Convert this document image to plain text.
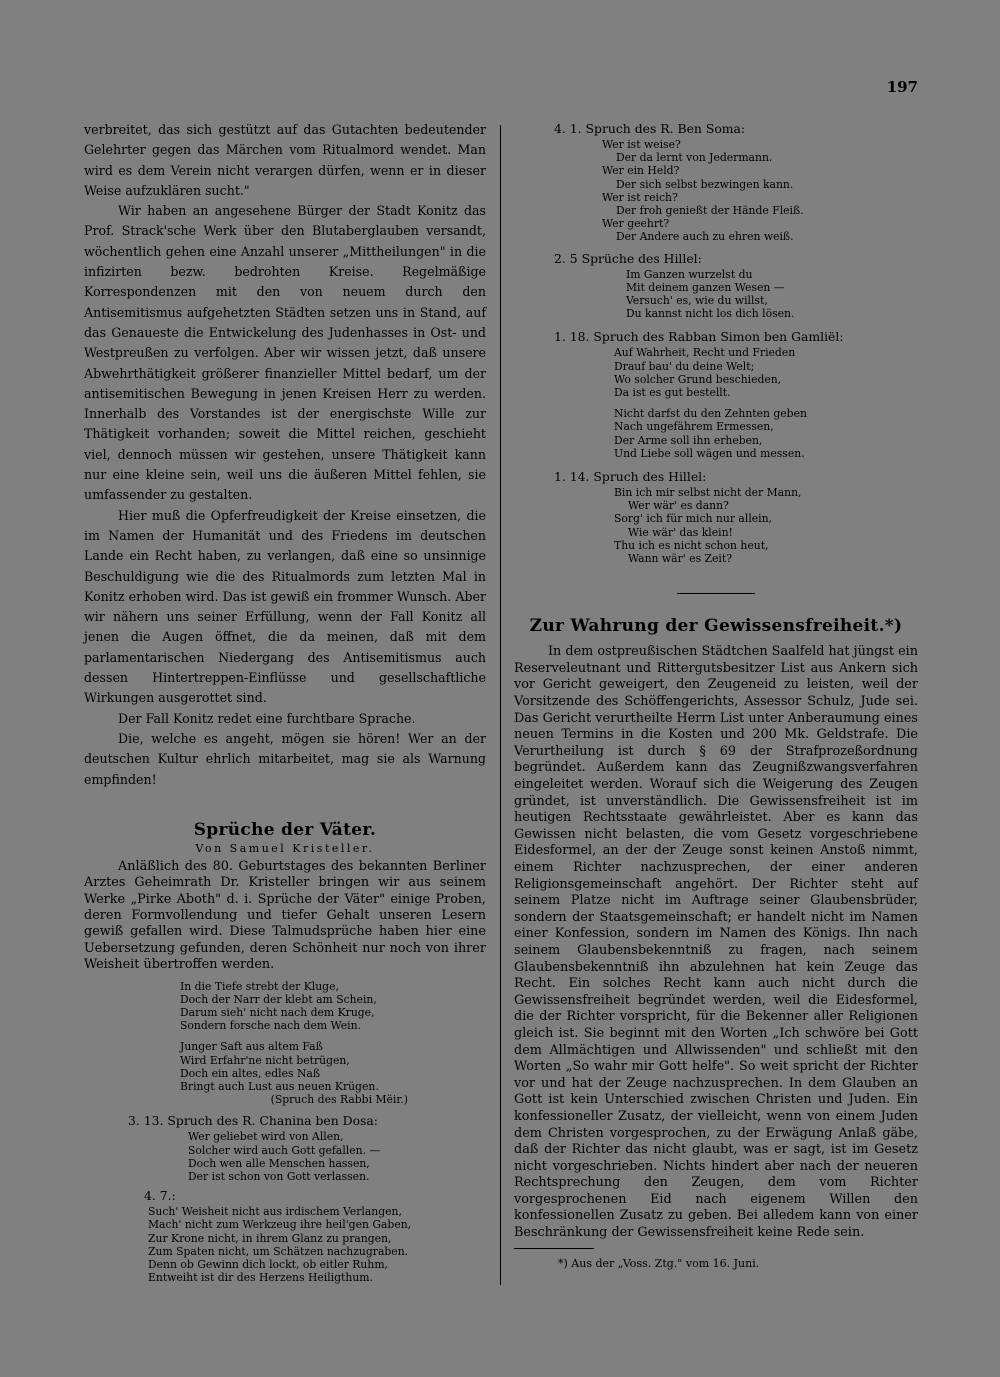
197

verbreitet, das sich gestützt auf das Gutachten bedeutender Gelehrter gegen das Märchen vom Ritualmord wendet. Man wird es dem Verein nicht verargen dürfen, wenn er in dieser Weise aufzuklären sucht."

Wir haben an angesehene Bürger der Stadt Konitz das Prof. Strack'sche Werk über den Blutaberglauben versandt, wöchentlich gehen eine Anzahl unserer „Mittheilungen" in die infizirten bezw. bedrohten Kreise. Regelmäßige Korrespondenzen mit den von neuem durch den Antisemitismus aufgehetzten Städten setzen uns in Stand, auf das Genaueste die Entwickelung des Judenhasses in Ost- und Westpreußen zu verfolgen. Aber wir wissen jetzt, daß unsere Abwehrthätigkeit größerer finanzieller Mittel bedarf, um der antisemitischen Bewegung in jenen Kreisen Herr zu werden. Innerhalb des Vorstandes ist der energischste Wille zur Thätigkeit vorhanden; soweit die Mittel reichen, geschieht viel, dennoch müssen wir gestehen, unsere Thätigkeit kann nur eine kleine sein, weil uns die äußeren Mittel fehlen, sie umfassender zu gestalten.

Hier muß die Opferfreudigkeit der Kreise einsetzen, die im Namen der Humanität und des Friedens im deutschen Lande ein Recht haben, zu verlangen, daß eine so unsinnige Beschuldigung wie die des Ritualmords zum letzten Mal in Konitz erhoben wird. Das ist gewiß ein frommer Wunsch. Aber wir nähern uns seiner Erfüllung, wenn der Fall Konitz all jenen die Augen öffnet, die da meinen, daß mit dem parlamentarischen Niedergang des Antisemitismus auch dessen Hintertreppen-Einflüsse und gesellschaftliche Wirkungen ausgerottet sind.

Der Fall Konitz redet eine furchtbare Sprache.

Die, welche es angeht, mögen sie hören! Wer an der deutschen Kultur ehrlich mitarbeitet, mag sie als Warnung empfinden!

Sprüche der Väter.
Von Samuel Kristeller.

Anläßlich des 80. Geburtstages des bekannten Berliner Arztes Geheimrath Dr. Kristeller bringen wir aus seinem Werke „Pirke Aboth" d. i. Sprüche der Väter" einige Proben, deren Formvollendung und tiefer Gehalt unseren Lesern gewiß gefallen wird. Diese Talmudsprüche haben hier eine Uebersetzung gefunden, deren Schönheit nur noch von ihrer Weisheit übertroffen werden.

In die Tiefe strebt der Kluge,
Doch der Narr der klebt am Schein,
Darum sieh' nicht nach dem Kruge,
Sondern forsche nach dem Wein.
Junger Saft aus altem Faß
Wird Erfahr'ne nicht betrügen,
Doch ein altes, edles Naß
Bringt auch Lust aus neuen Krügen.
(Spruch des Rabbi Mëir.)
3. 13. Spruch des R. Chanina ben Dosa:
Wer geliebet wird von Allen,
Solcher wird auch Gott gefallen. —
Doch wen alle Menschen hassen,
Der ist schon von Gott verlassen.
4. 7.:
Such' Weisheit nicht aus irdischem Verlangen,
Mach' nicht zum Werkzeug ihre heil'gen Gaben,
Zur Krone nicht, in ihrem Glanz zu prangen,
Zum Spaten nicht, um Schätzen nachzugraben.
Denn ob Gewinn dich lockt, ob eitler Ruhm,
Entweiht ist dir des Herzens Heiligthum.
4. 1. Spruch des R. Ben Soma:
Wer ist weise?
Der da lernt von Jedermann.
Wer ein Held?
Der sich selbst bezwingen kann.
Wer ist reich?
Der froh genießt der Hände Fleiß.
Wer geehrt?
Der Andere auch zu ehren weiß.
2. 5 Sprüche des Hillel:
Im Ganzen wurzelst du
Mit deinem ganzen Wesen —
Versuch' es, wie du willst,
Du kannst nicht los dich lösen.
1. 18. Spruch des Rabban Simon ben Gamliël:
Auf Wahrheit, Recht und Frieden
Drauf bau' du deine Welt;
Wo solcher Grund beschieden,
Da ist es gut bestellt.
Nicht darfst du den Zehnten geben
Nach ungefährem Ermessen,
Der Arme soll ihn erheben,
Und Liebe soll wägen und messen.
1. 14. Spruch des Hillel:
Bin ich mir selbst nicht der Mann,
Wer wär' es dann?
Sorg' ich für mich nur allein,
Wie wär' das klein!
Thu ich es nicht schon heut,
Wann wär' es Zeit?
Zur Wahrung der Gewissensfreiheit.*)

In dem ostpreußischen Städtchen Saalfeld hat jüngst ein Reserveleutnant und Rittergutsbesitzer List aus Ankern sich vor Gericht geweigert, den Zeugeneid zu leisten, weil der Vorsitzende des Schöffengerichts, Assessor Schulz, Jude sei. Das Gericht verurtheilte Herrn List unter Anberaumung eines neuen Termins in die Kosten und 200 Mk. Geldstrafe. Die Verurtheilung ist durch § 69 der Strafprozeßordnung begründet. Außerdem kann das Zeugnißzwangsverfahren eingeleitet werden. Worauf sich die Weigerung des Zeugen gründet, ist unverständlich. Die Gewissensfreiheit ist im heutigen Rechtsstaate gewährleistet. Aber es kann das Gewissen nicht belasten, die vom Gesetz vorgeschriebene Eidesformel, an der der Zeuge sonst keinen Anstoß nimmt, einem Richter nachzusprechen, der einer anderen Religionsgemeinschaft angehört. Der Richter steht auf seinem Platze nicht im Auftrage seiner Glaubensbrüder, sondern der Staatsgemeinschaft; er handelt nicht im Namen einer Konfession, sondern im Namen des Königs. Ihn nach seinem Glaubensbekenntniß zu fragen, nach seinem Glaubensbekenntniß ihn abzulehnen hat kein Zeuge das Recht. Ein solches Recht kann auch nicht durch die Gewissensfreiheit begründet werden, weil die Eidesformel, die der Richter vorspricht, für die Bekenner aller Religionen gleich ist. Sie beginnt mit den Worten „Ich schwöre bei Gott dem Allmächtigen und Allwissenden" und schließt mit den Worten „So wahr mir Gott helfe". So weit spricht der Richter vor und hat der Zeuge nachzusprechen. In dem Glauben an Gott ist kein Unterschied zwischen Christen und Juden. Ein konfessioneller Zusatz, der vielleicht, wenn von einem Juden dem Christen vorgesprochen, zu der Erwägung Anlaß gäbe, daß der Richter das nicht glaubt, was er sagt, ist im Gesetz nicht vorgeschrieben. Nichts hindert aber nach der neueren Rechtsprechung den Zeugen, dem vom Richter vorgesprochenen Eid nach eigenem Willen den konfessionellen Zusatz zu geben. Bei alledem kann von einer Beschränkung der Gewissensfreiheit keine Rede sein.

*) Aus der „Voss. Ztg." vom 16. Juni.
